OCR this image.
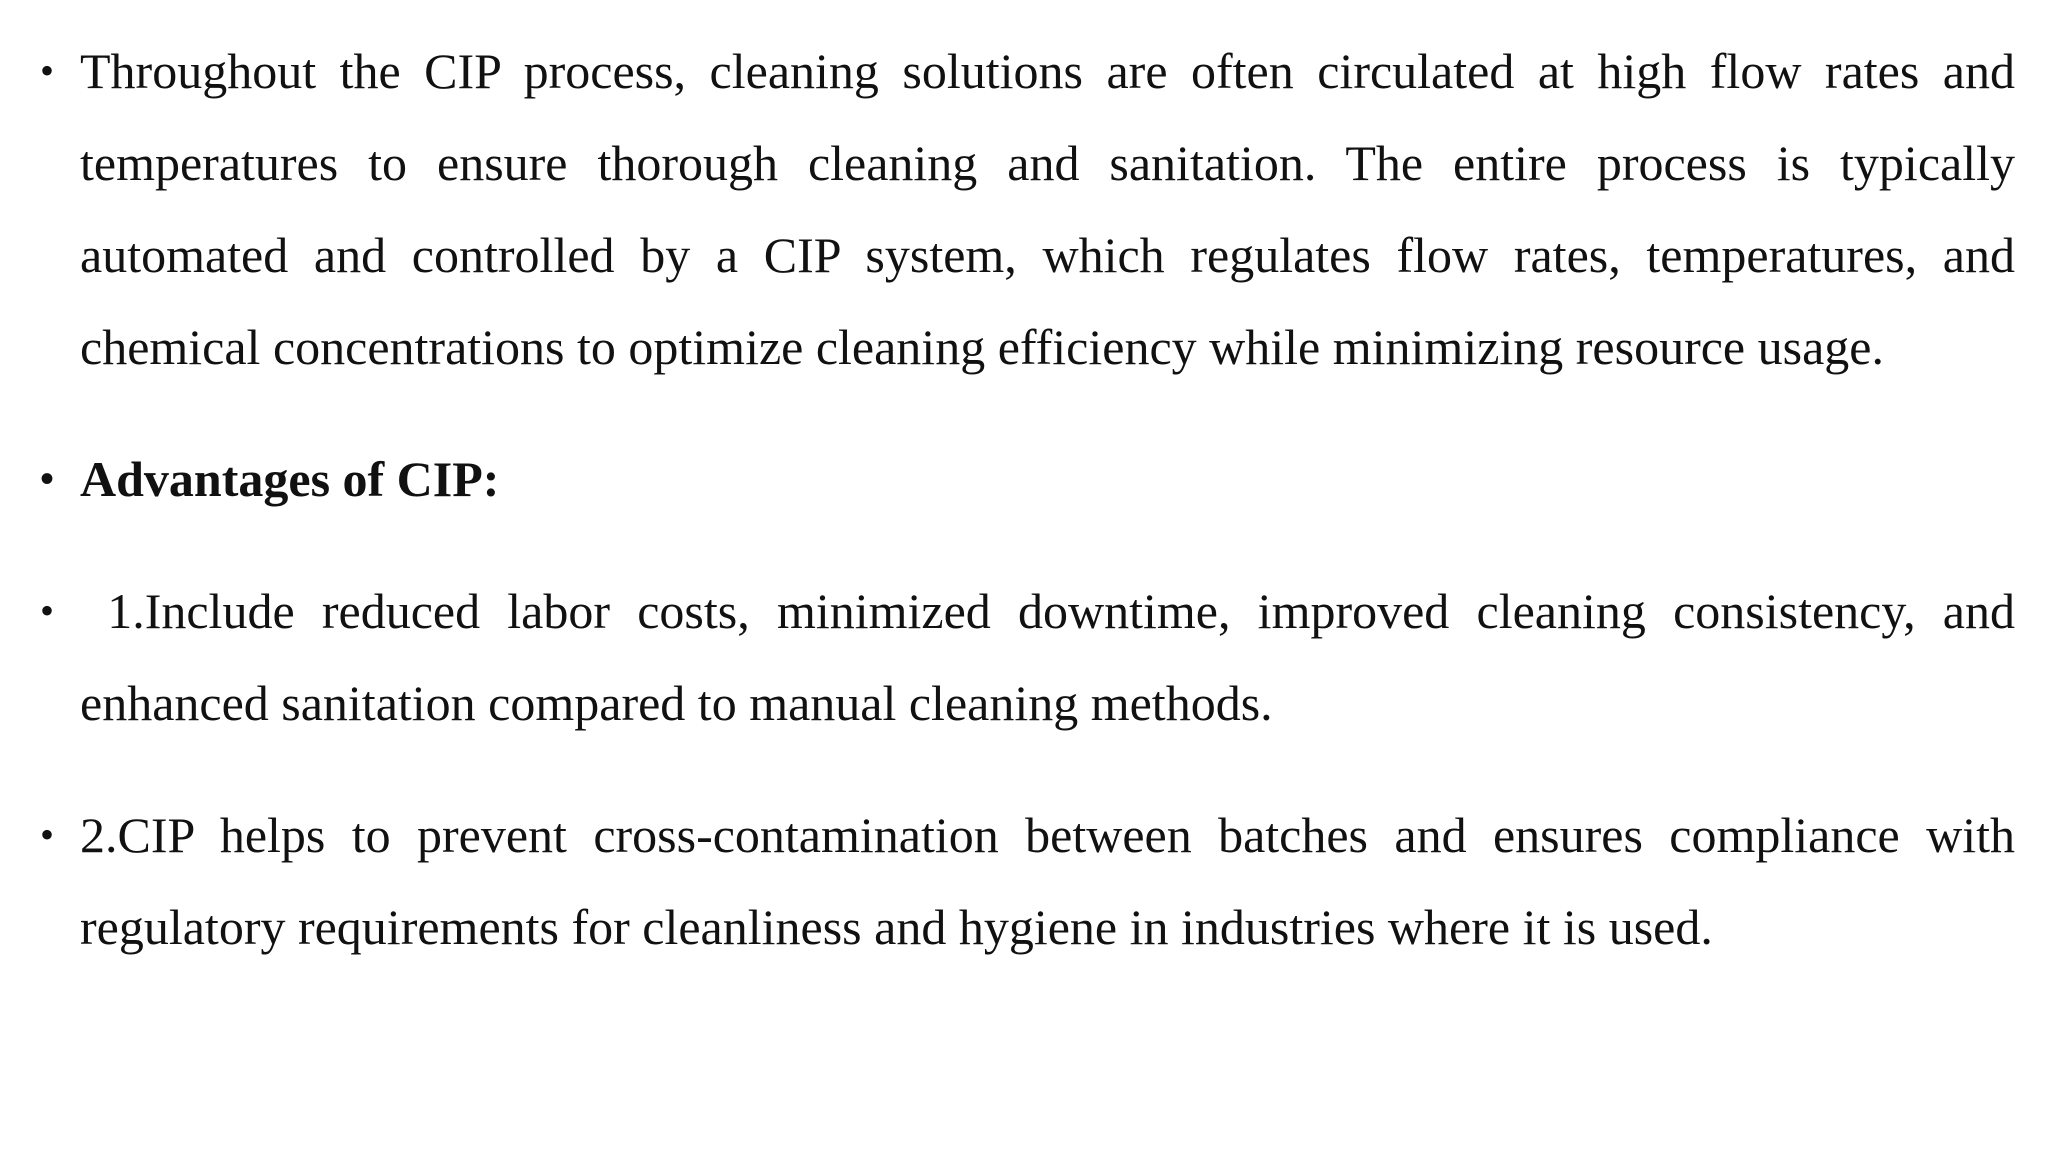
• Throughout the CIP process, cleaning solutions are often circulated at high flow rates and temperatures to ensure thorough cleaning and sanitation. The entire process is typically automated and controlled by a CIP system, which regulates flow rates, temperatures, and chemical concentrations to optimize cleaning efficiency while minimizing resource usage.
• Advantages of CIP:
• 1.Include reduced labor costs, minimized downtime, improved cleaning consistency, and enhanced sanitation compared to manual cleaning methods.
• 2.CIP helps to prevent cross-contamination between batches and ensures compliance with regulatory requirements for cleanliness and hygiene in industries where it is used.
